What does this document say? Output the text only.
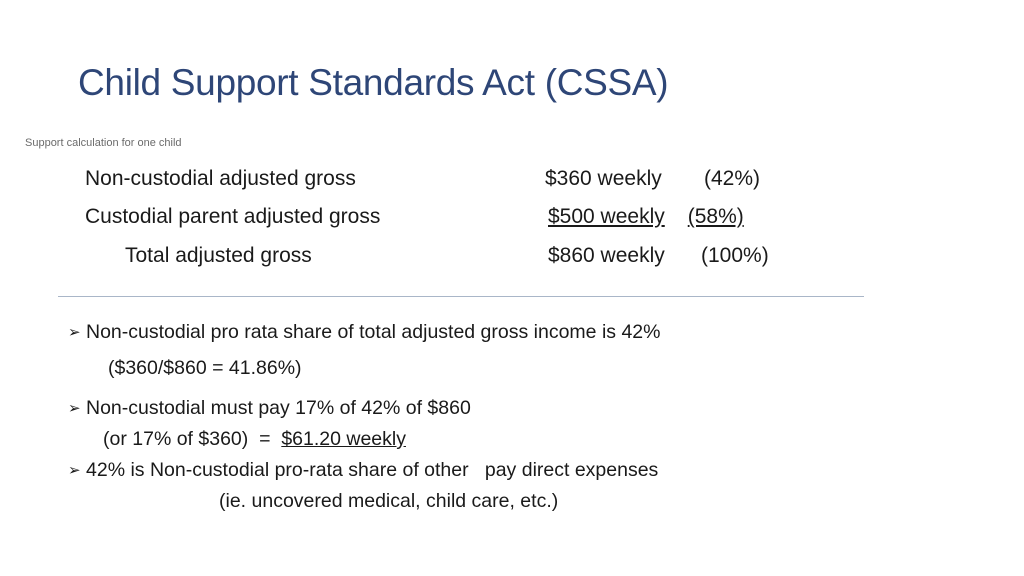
Child Support Standards Act (CSSA)
Support calculation for one child
Non-custodial adjusted gross	$360 weekly (42%)
Custodial parent adjusted gross	$500 weekly (58%)
Total adjusted gross	$860 weekly (100%)
➢ Non-custodial pro rata share of total adjusted gross income is 42%
($360/$860 = 41.86%)
➢ Non-custodial must pay 17% of 42% of $860
(or 17% of $360)  =  $61.20 weekly
➢ 42% is Non-custodial pro-rata share of other   pay direct expenses
(ie. uncovered medical, child care, etc.)
